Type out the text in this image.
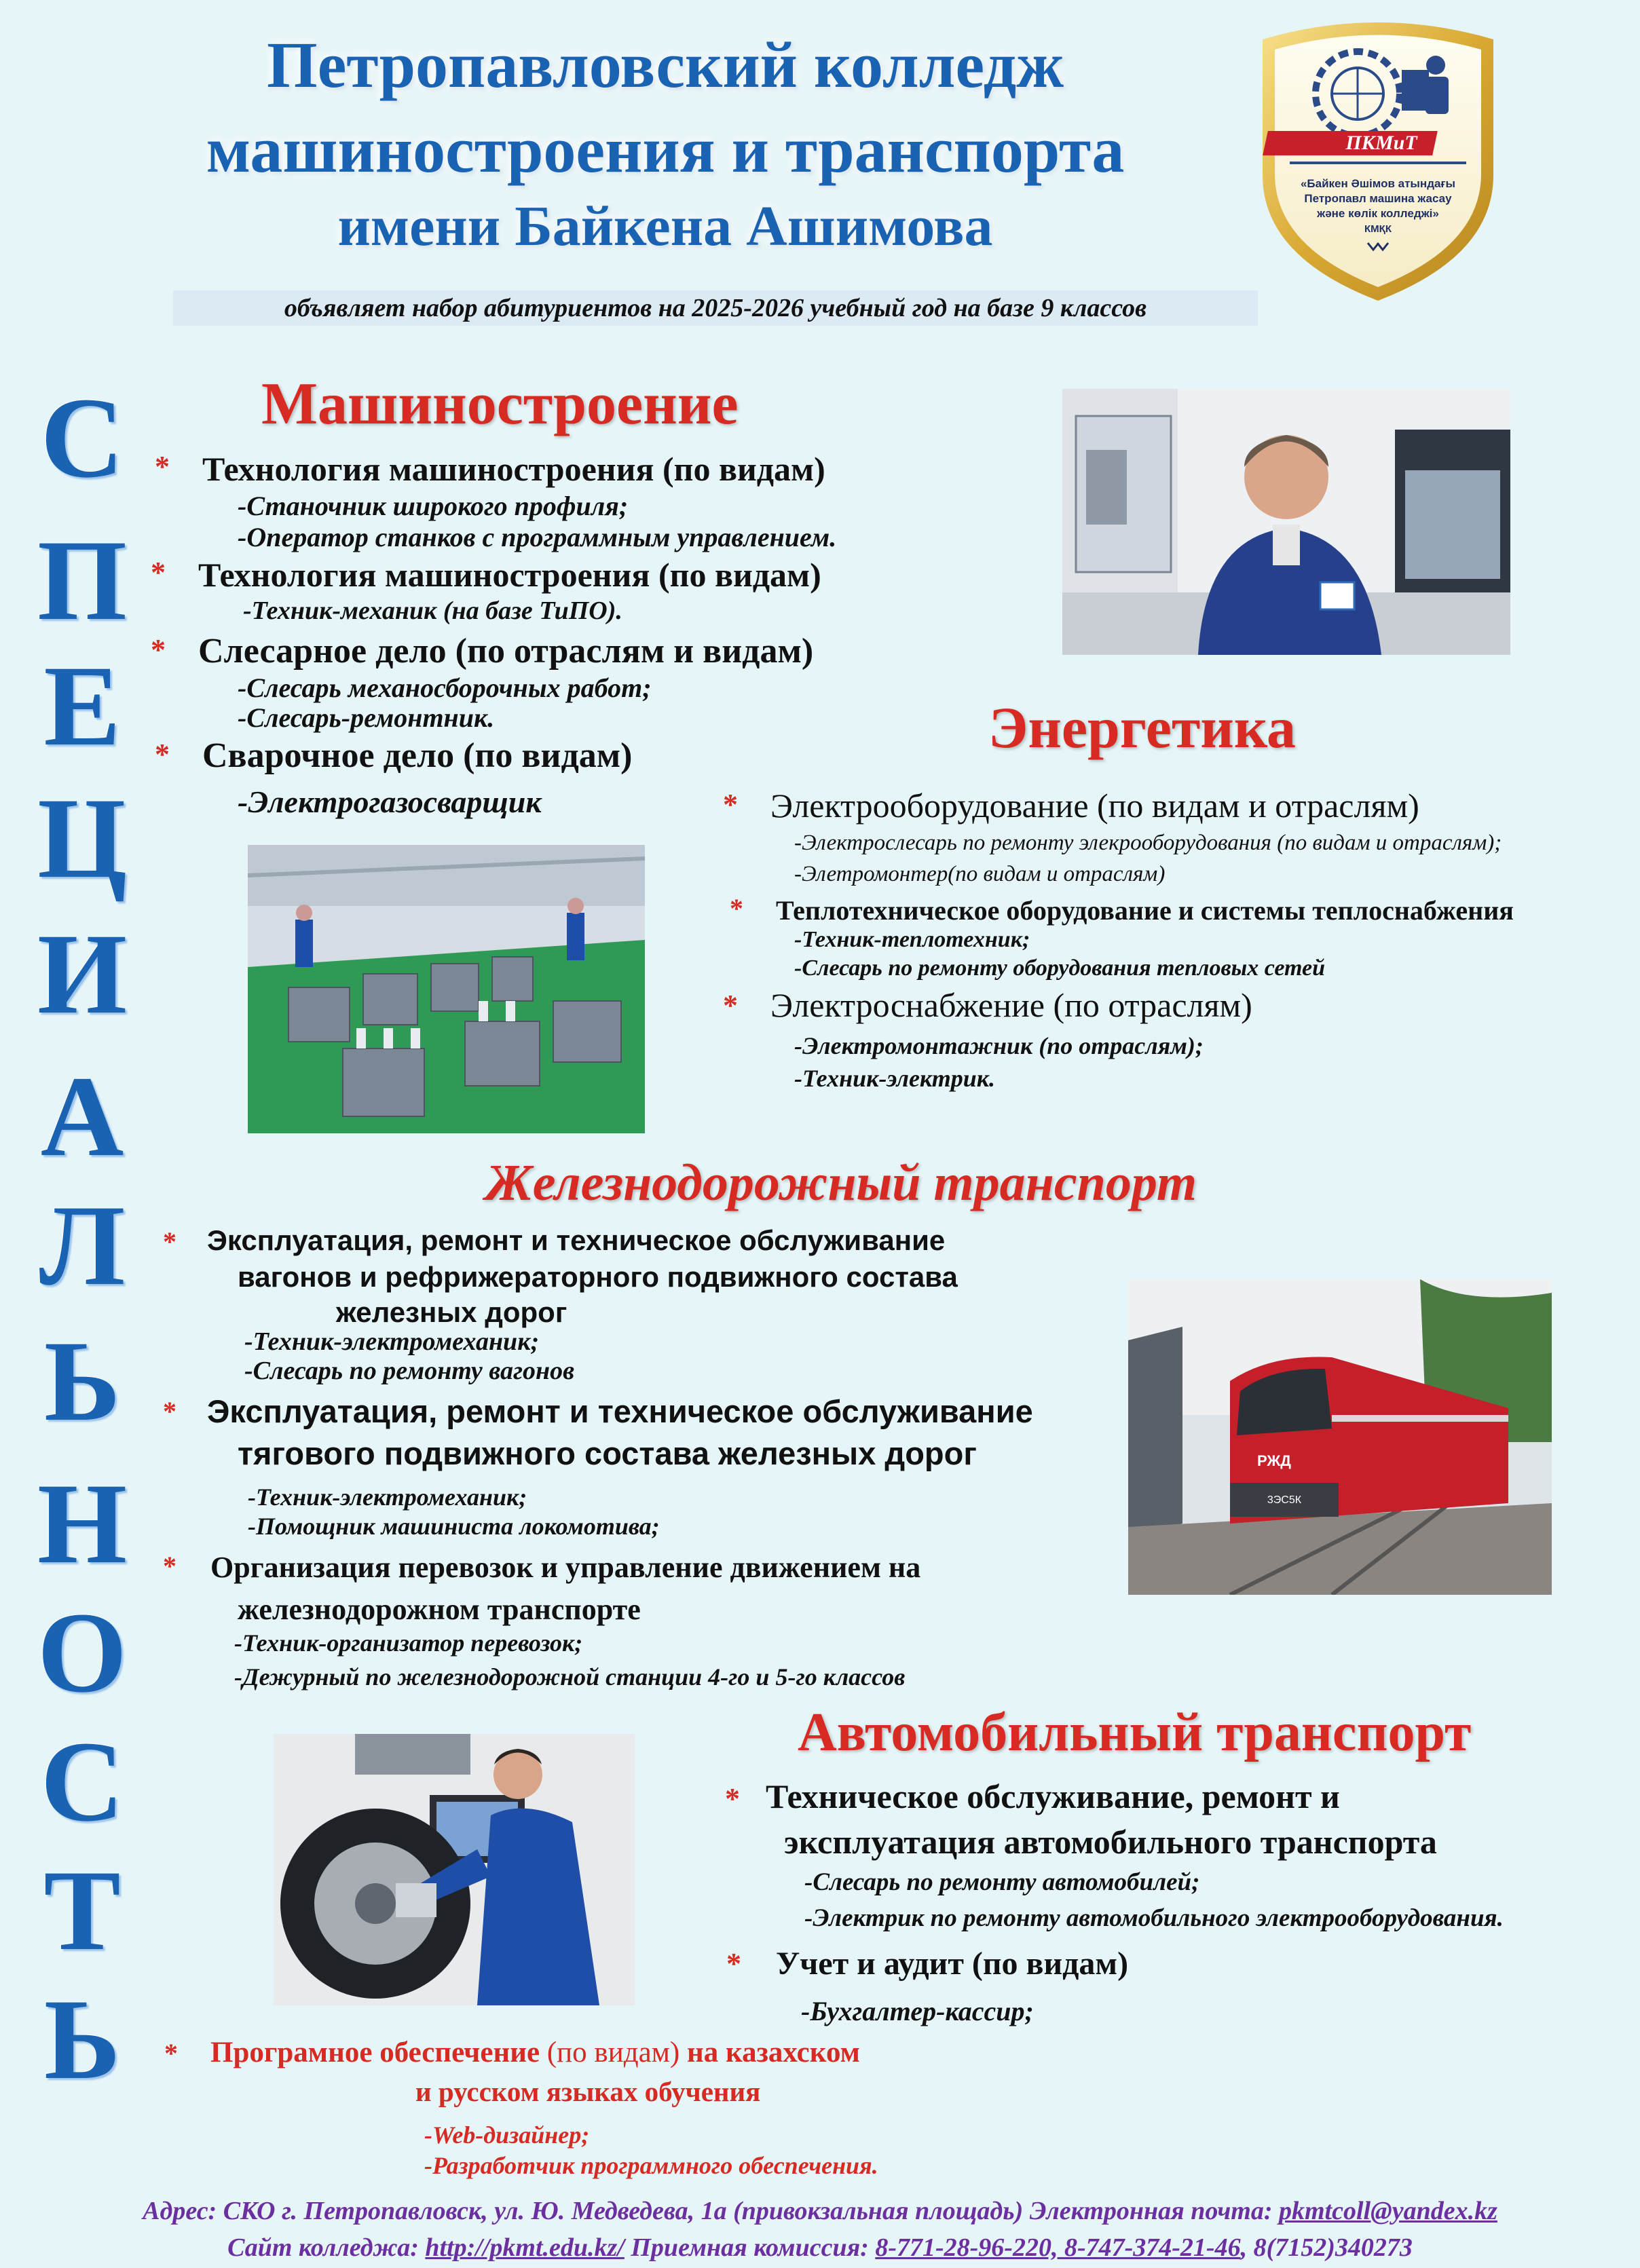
Петропавловский колледж
машиностроения и транспорта
имени Байкена Ашимова
объявляет набор абитуриентов на 2025-2026 учебный год на базе 9 классов
ПКМиТ
«Байкен Әшімов атындағы
Петропавл машина жасау
және көлік колледжі»
КМҚК
С
П
Е
Ц
И
А
Л
Ь
Н
О
С
Т
Ь
Машиностроение
* Технология машиностроения (по видам)
-Станочник широкого профиля;
-Оператор станков с программным управлением.
* Технология машиностроения (по видам)
-Техник-механик (на базе ТиПО).
* Слесарное дело (по отраслям и видам)
-Слесарь механосборочных работ;
-Слесарь-ремонтник.
* Сварочное дело (по видам)
-Электрогазосварщик
Энергетика
* Электрооборудование (по видам и отраслям)
-Электрослесарь по ремонту элекрооборудования (по видам и отраслям);
-Элетромонтер(по видам и отраслям)
* Теплотехническое оборудование и системы теплоснабжения
-Техник-теплотехник;
-Слесарь по ремонту оборудования тепловых сетей
* Электроснабжение (по отраслям)
-Электромонтажник (по отраслям);
-Техник-электрик.
Железнодорожный транспорт
* Эксплуатация, ремонт и техническое обслуживание
вагонов и рефрижераторного подвижного состава
железных дорог
-Техник-электромеханик;
-Слесарь по ремонту вагонов
* Эксплуатация, ремонт и техническое обслуживание
тягового подвижного состава железных дорог
-Техник-электромеханик;
-Помощник машиниста локомотива;
* Организация перевозок и управление движением на
железнодорожном транспорте
-Техник-организатор перевозок;
-Дежурный по железнодорожной станции 4-го и 5-го классов
РЖД
3ЭС5К
Автомобильный транспорт
* Техническое обслуживание, ремонт и
эксплуатация автомобильного транспорта
-Слесарь по ремонту автомобилей;
-Электрик по ремонту автомобильного электрооборудования.
* Учет и аудит (по видам)
-Бухгалтер-кассир;
* Програмное обеспечение (по видам) на казахском
и русском языках обучения
-Web-дизайнер;
-Разработчик программного обеспечения.
Адрес: СКО г. Петропавловск, ул. Ю. Медведева, 1а (привокзальная площадь) Электронная почта: pkmtcoll@yandex.kz
Сайт колледжа: http://pkmt.edu.kz/ Приемная комиссия: 8-771-28-96-220, 8-747-374-21-46, 8(7152)340273
